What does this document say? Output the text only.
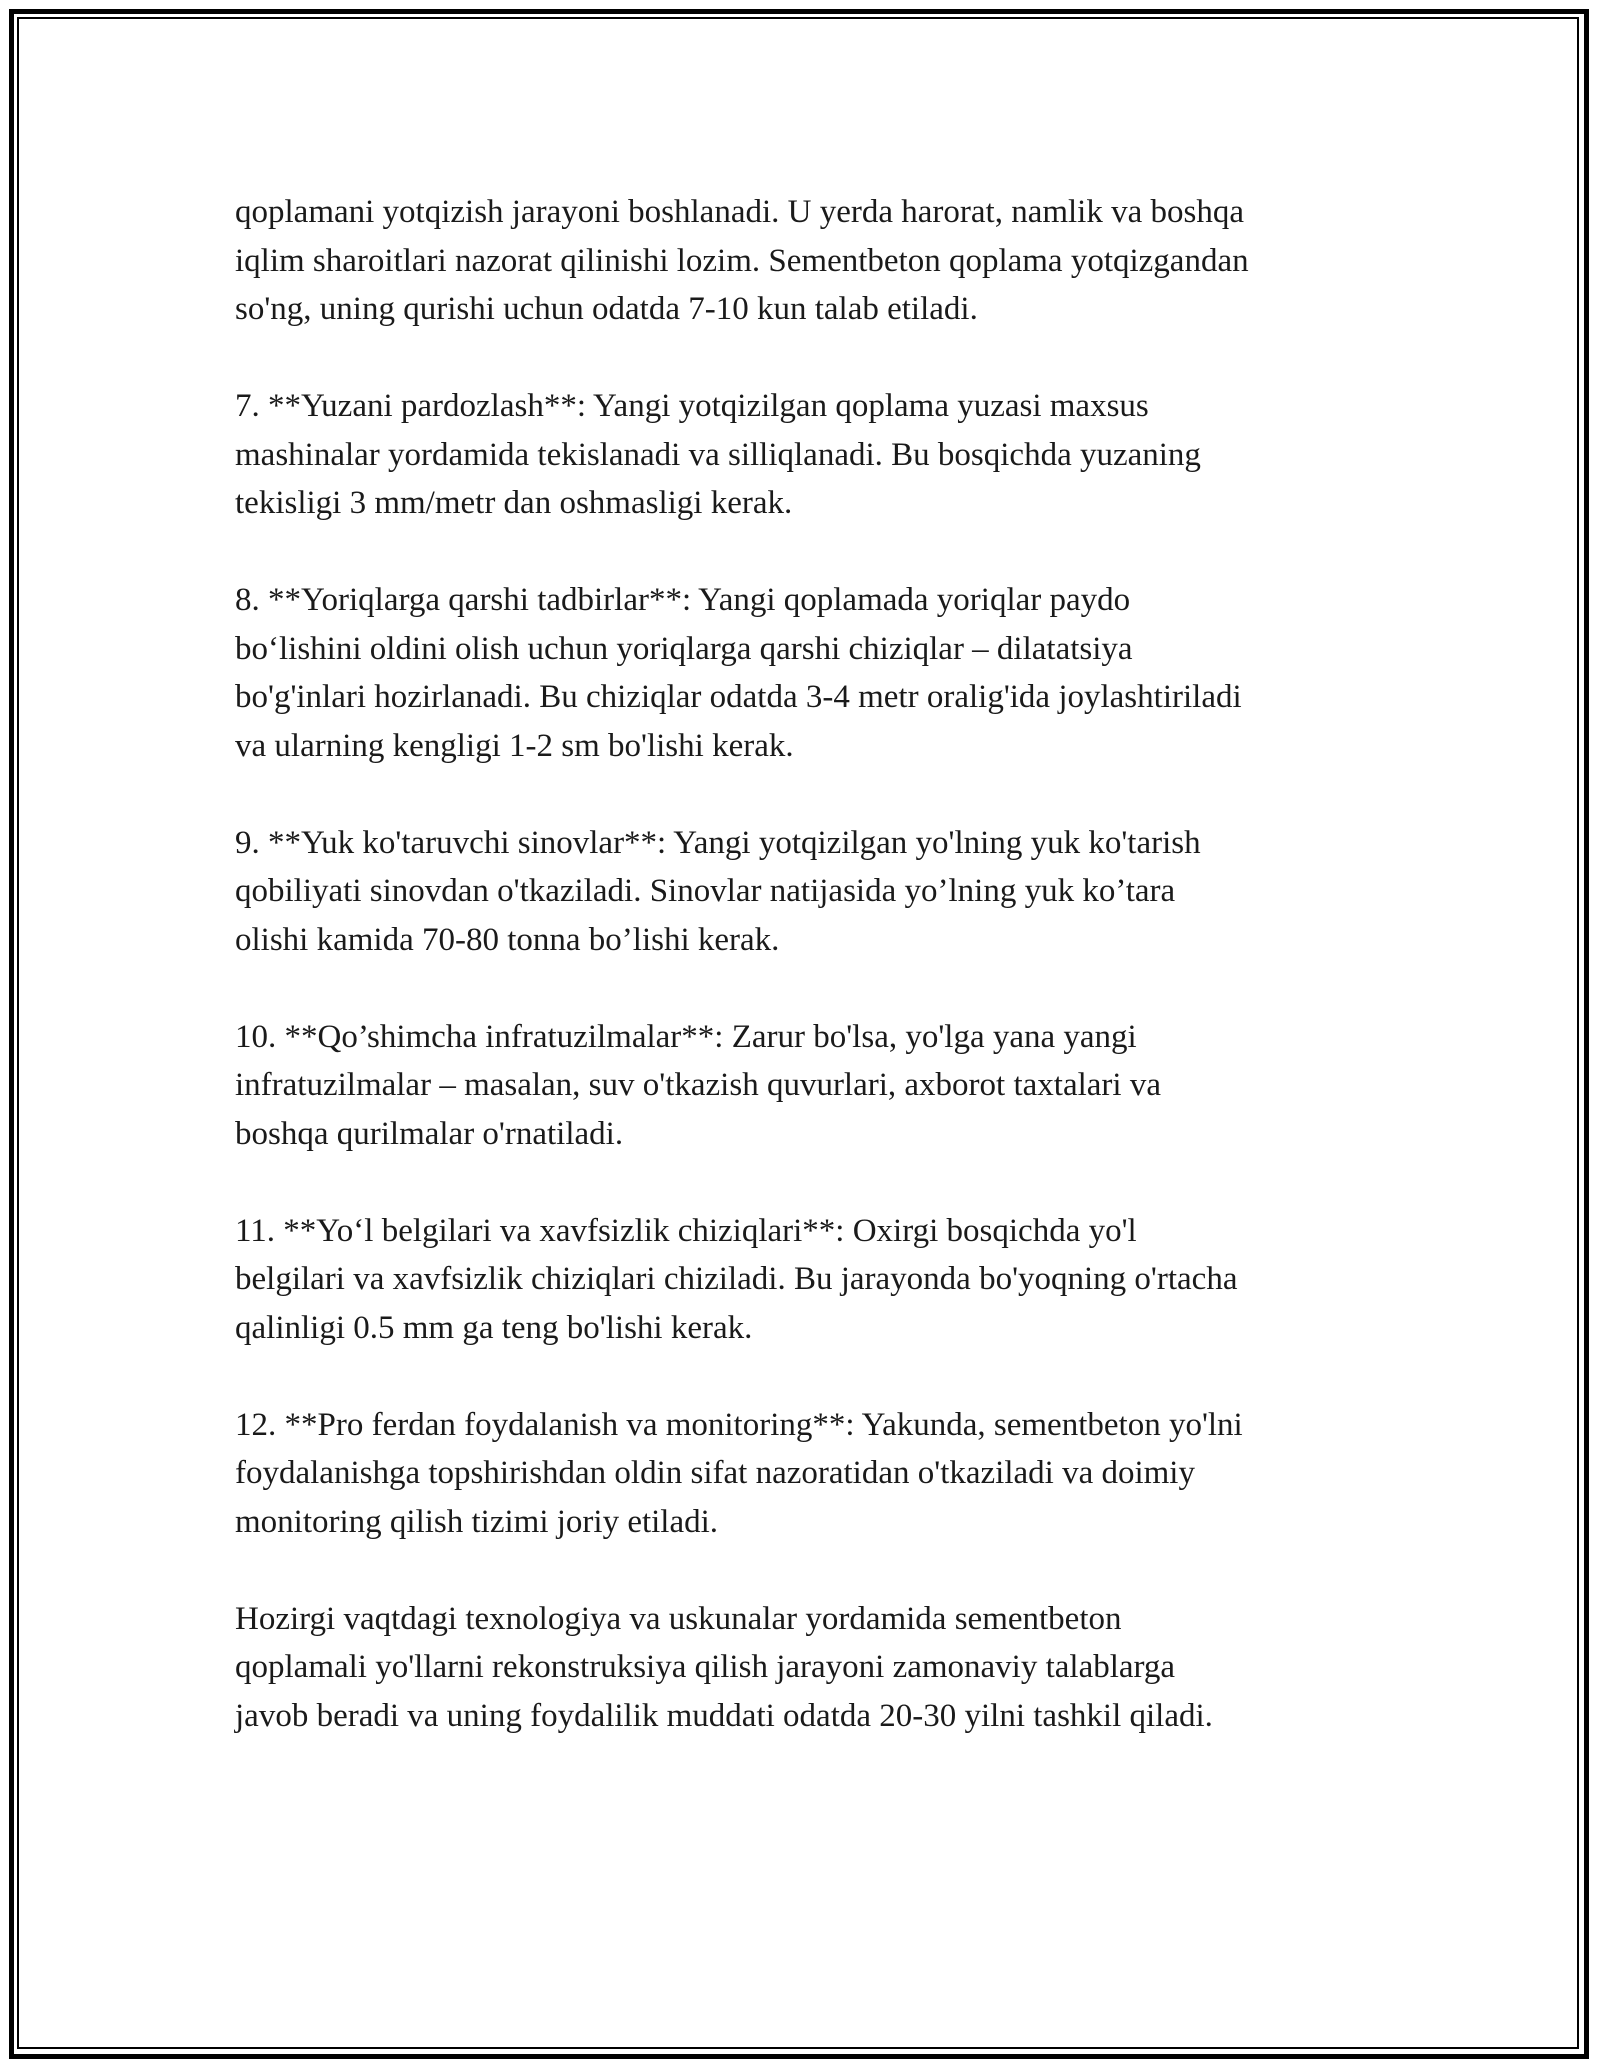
qoplamani yotqizish jarayoni boshlanadi. U yerda harorat, namlik va boshqa
iqlim sharoitlari nazorat qilinishi lozim. Sementbeton qoplama yotqizgandan
so'ng, uning qurishi uchun odatda 7-10 kun talab etiladi.

7. **Yuzani pardozlash**: Yangi yotqizilgan qoplama yuzasi maxsus
mashinalar yordamida tekislanadi va silliqlanadi. Bu bosqichda yuzaning
tekisligi 3 mm/metr dan oshmasligi kerak.

8. **Yoriqlarga qarshi tadbirlar**: Yangi qoplamada yoriqlar paydo
bo‘lishini oldini olish uchun yoriqlarga qarshi chiziqlar – dilatatsiya
bo'g'inlari hozirlanadi. Bu chiziqlar odatda 3-4 metr oralig'ida joylashtiriladi
va ularning kengligi 1-2 sm bo'lishi kerak.

9. **Yuk ko'taruvchi sinovlar**: Yangi yotqizilgan yo'lning yuk ko'tarish
qobiliyati sinovdan o'tkaziladi. Sinovlar natijasida yo’lning yuk ko’tara
olishi kamida 70-80 tonna bo’lishi kerak.

10. **Qo’shimcha infratuzilmalar**: Zarur bo'lsa, yo'lga yana yangi
infratuzilmalar – masalan, suv o'tkazish quvurlari, axborot taxtalari va
boshqa qurilmalar o'rnatiladi.

11. **Yo‘l belgilari va xavfsizlik chiziqlari**: Oxirgi bosqichda yo'l
belgilari va xavfsizlik chiziqlari chiziladi. Bu jarayonda bo'yoqning o'rtacha
qalinligi 0.5 mm ga teng bo'lishi kerak.

12. **Pro ferdan foydalanish va monitoring**: Yakunda, sementbeton yo'lni
foydalanishga topshirishdan oldin sifat nazoratidan o'tkaziladi va doimiy
monitoring qilish tizimi joriy etiladi.

Hozirgi vaqtdagi texnologiya va uskunalar yordamida sementbeton
qoplamali yo'llarni rekonstruksiya qilish jarayoni zamonaviy talablarga
javob beradi va uning foydalilik muddati odatda 20-30 yilni tashkil qiladi.
